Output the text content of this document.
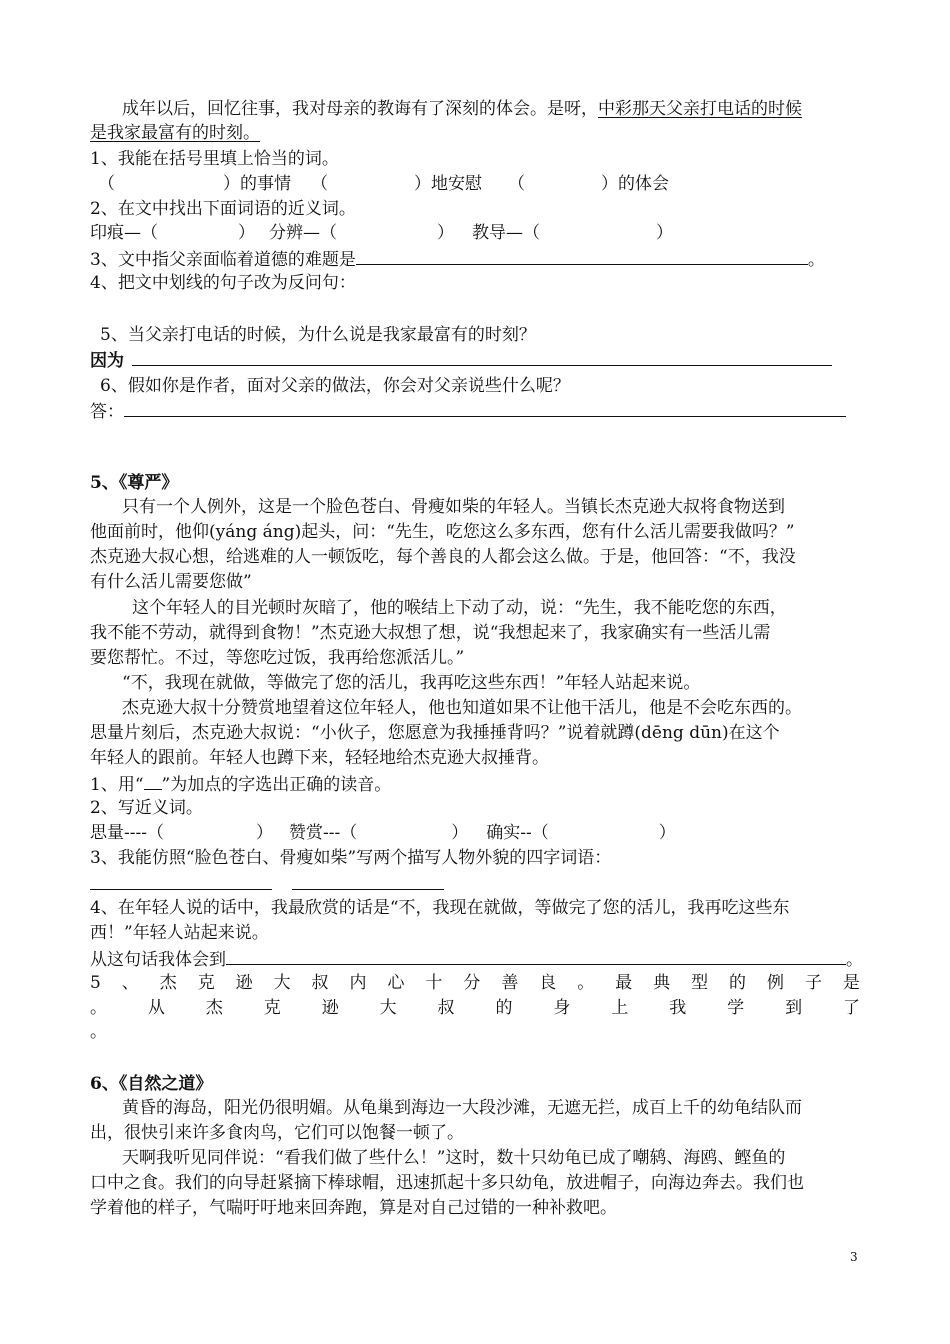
成年以后，回忆往事，我对母亲的教诲有了深刻的体会。是呀，中彩那天父亲打电话的时候
是我家最富有的时刻。
1、我能在括号里填上恰当的词。
（	）的事情 （	）地安慰 （	）的体会
2、在文中找出下面词语的近义词。
印痕—（	） 分辨—（	） 教导—（	）
3、文中指父亲面临着道德的难题是	。
4、把文中划线的句子改为反问句：
5、当父亲打电话的时候，为什么说是我家最富有的时刻？
因为
6、假如你是作者，面对父亲的做法，你会对父亲说些什么呢？
答：
5、《尊严》
只有一个人例外，这是一个脸色苍白、骨瘦如柴的年轻人。当镇长杰克逊大叔将食物送到
他面前时，他仰(yáng áng)起头，问：“先生，吃您这么多东西，您有什么活儿需要我做吗？”
杰克逊大叔心想，给逃难的人一顿饭吃，每个善良的人都会这么做。于是，他回答：“不，我没
有什么活儿需要您做”
这个年轻人的目光顿时灰暗了，他的喉结上下动了动，说：“先生，我不能吃您的东西，
我不能不劳动，就得到食物！”杰克逊大叔想了想，说“我想起来了，我家确实有一些活儿需
要您帮忙。不过，等您吃过饭，我再给您派活儿。”
“不，我现在就做，等做完了您的活儿，我再吃这些东西！”年轻人站起来说。
杰克逊大叔十分赞赏地望着这位年轻人，他也知道如果不让他干活儿，他是不会吃东西的。
思量片刻后，杰克逊大叔说：“小伙子，您愿意为我捶捶背吗？”说着就蹲(dēng dūn)在这个
年轻人的跟前。年轻人也蹲下来，轻轻地给杰克逊大叔捶背。
1、用“ ”为加点的字选出正确的读音。
2、写近义词。
思量----（	） 赞赏---（	） 确实--（	）
3、我能仿照“脸色苍白、骨瘦如柴”写两个描写人物外貌的四字词语：
4、在年轻人说的话中，我最欣赏的话是“不，我现在就做，等做完了您的活儿，我再吃这些东
西！”年轻人站起来说。
从这句话我体会到	。
5 、 杰 克 逊 大 叔 内 心 十 分 善 良 。 最 典 型 的 例 子 是
。 从 杰 克 逊 大 叔 的 身 上 我 学 到 了
。
6、《自然之道》
黄昏的海岛，阳光仍很明媚。从龟巢到海边一大段沙滩，无遮无拦，成百上千的幼龟结队而
出，很快引来许多食肉鸟，它们可以饱餐一顿了。
天啊我听见同伴说：“看我们做了些什么！”这时，数十只幼龟已成了嘲鸫、海鸥、鲣鱼的
口中之食。我们的向导赶紧摘下棒球帽，迅速抓起十多只幼龟，放进帽子，向海边奔去。我们也
学着他的样子，气喘吁吁地来回奔跑，算是对自己过错的一种补救吧。
3
